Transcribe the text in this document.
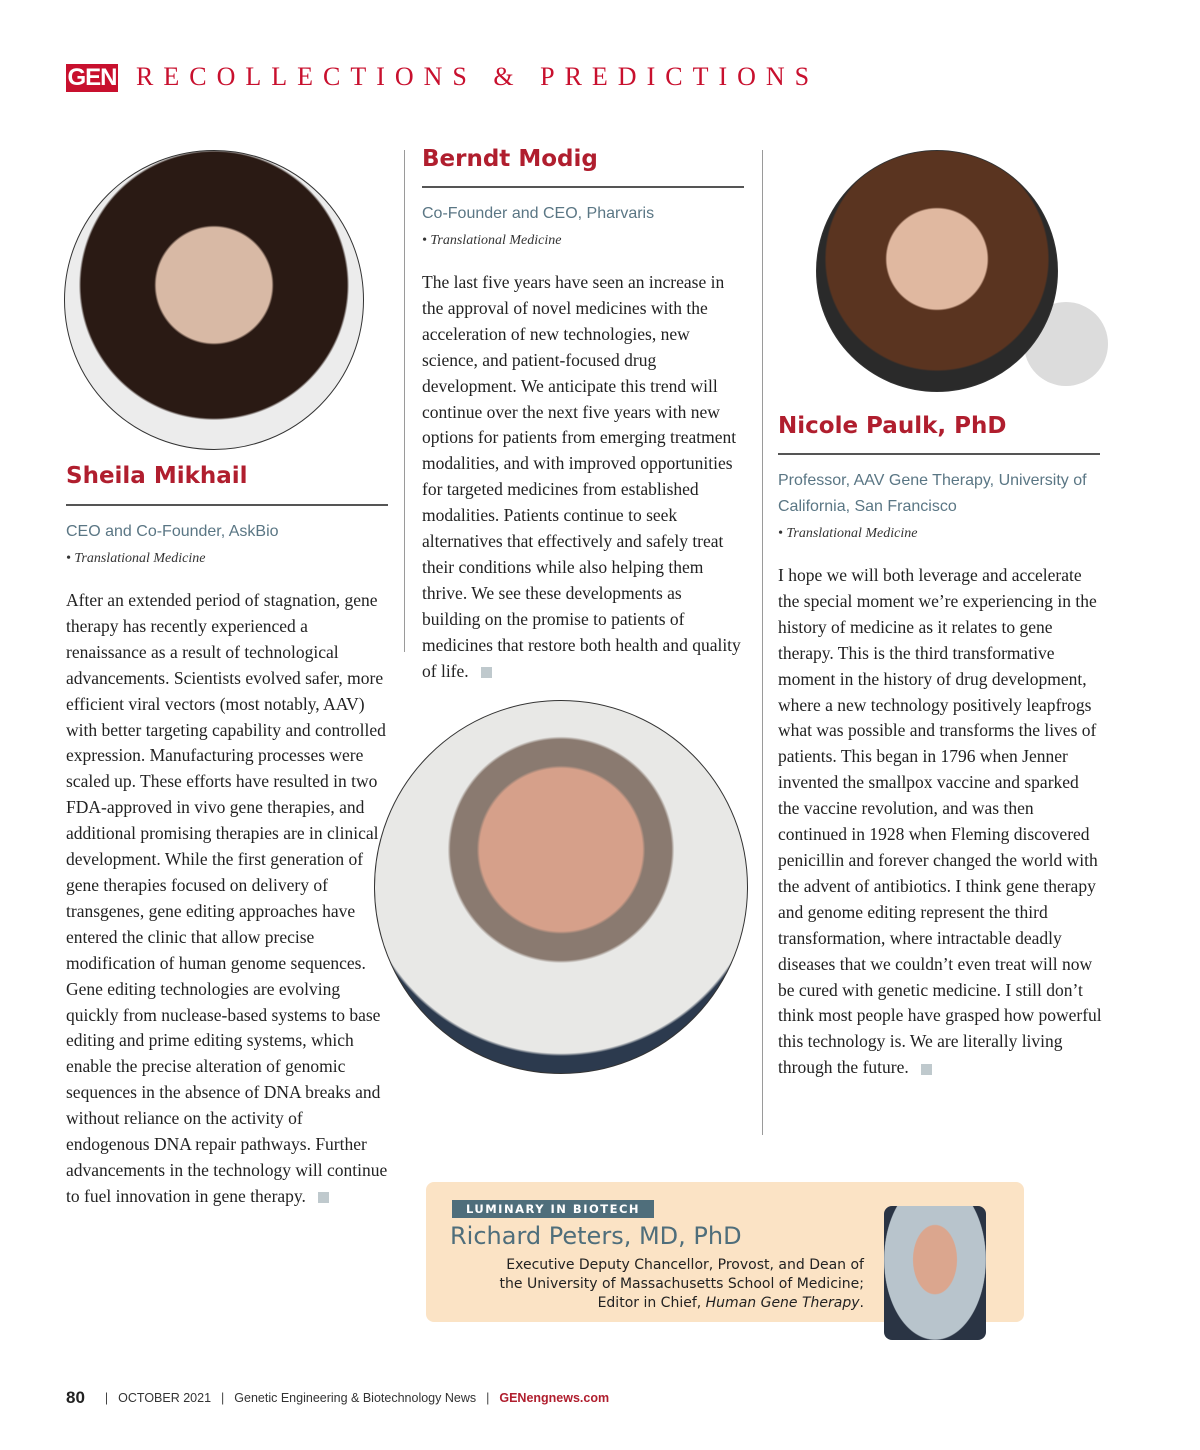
GEN RECOLLECTIONS & PREDICTIONS
Sheila Mikhail
CEO and Co-Founder, AskBio
• Translational Medicine
After an extended period of stagnation, gene therapy has recently experienced a renaissance as a result of technological advancements. Scientists evolved safer, more efficient viral vectors (most notably, AAV) with better targeting capability and controlled expression. Manufacturing processes were scaled up. These efforts have resulted in two FDA-approved in vivo gene therapies, and additional promising therapies are in clinical development. While the first generation of gene therapies focused on delivery of transgenes, gene editing approaches have entered the clinic that allow precise modification of human genome sequences. Gene editing technologies are evolving quickly from nuclease-based systems to base editing and prime editing systems, which enable the precise alteration of genomic sequences in the absence of DNA breaks and without reliance on the activity of endogenous DNA repair pathways. Further advancements in the technology will continue to fuel innovation in gene therapy.
Berndt Modig
Co-Founder and CEO, Pharvaris
• Translational Medicine
The last five years have seen an increase in the approval of novel medicines with the acceleration of new technologies, new science, and patient-focused drug development. We anticipate this trend will continue over the next five years with new options for patients from emerging treatment modalities, and with improved opportunities for targeted medicines from established modalities. Patients continue to seek alternatives that effectively and safely treat their conditions while also helping them thrive. We see these developments as building on the promise to patients of medicines that restore both health and quality of life.
Nicole Paulk, PhD
Professor, AAV Gene Therapy, University of California, San Francisco
• Translational Medicine
I hope we will both leverage and accelerate the special moment we’re experiencing in the history of medicine as it relates to gene therapy. This is the third transformative moment in the history of drug development, where a new technology positively leapfrogs what was possible and transforms the lives of patients. This began in 1796 when Jenner invented the smallpox vaccine and sparked the vaccine revolution, and was then continued in 1928 when Fleming discovered penicillin and forever changed the world with the advent of antibiotics. I think gene therapy and genome editing represent the third transformation, where intractable deadly diseases that we couldn’t even treat will now be cured with genetic medicine. I still don’t think most people have grasped how powerful this technology is. We are literally living through the future.
LUMINARY IN BIOTECH
Richard Peters, MD, PhD
Executive Deputy Chancellor, Provost, and Dean of
the University of Massachusetts School of Medicine;
Editor in Chief, Human Gene Therapy.
80 | OCTOBER 2021 | Genetic Engineering & Biotechnology News | GENengnews.com
